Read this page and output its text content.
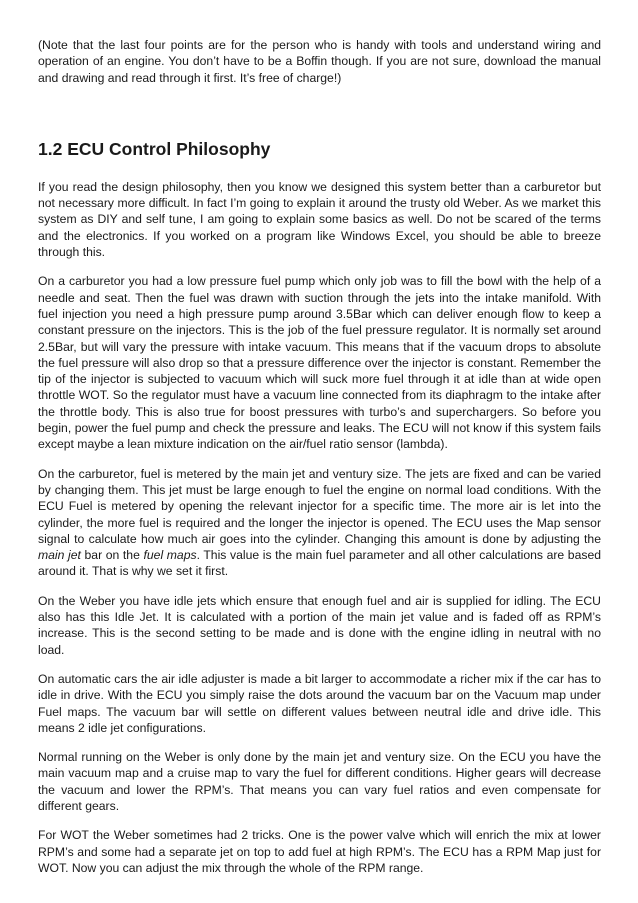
(Note that the last four points are for the person who is handy with tools and understand wiring and operation of an engine. You don’t have to be a Boffin though. If you are not sure, download the manual and drawing and read through it first. It’s free of charge!)

1.2 ECU Control Philosophy

If you read the design philosophy, then you know we designed this system better than a carburetor but not necessary more difficult. In fact I’m going to explain it around the trusty old Weber. As we market this system as DIY and self tune, I am going to explain some basics as well. Do not be scared of the terms and the electronics. If you worked on a program like Windows Excel, you should be able to breeze through this.

On a carburetor you had a low pressure fuel pump which only job was to fill the bowl with the help of a needle and seat. Then the fuel was drawn with suction through the jets into the intake manifold. With fuel injection you need a high pressure pump around 3.5Bar which can deliver enough flow to keep a constant pressure on the injectors. This is the job of the fuel pressure regulator. It is normally set around 2.5Bar, but will vary the pressure with intake vacuum. This means that if the vacuum drops to absolute the fuel pressure will also drop so that a pressure difference over the injector is constant. Remember the tip of the injector is subjected to vacuum which will suck more fuel through it at idle than at wide open throttle WOT. So the regulator must have a vacuum line connected from its diaphragm to the intake after the throttle body. This is also true for boost pressures with turbo’s and superchargers. So before you begin, power the fuel pump and check the pressure and leaks. The ECU will not know if this system fails except maybe a lean mixture indication on the air/fuel ratio sensor (lambda).

On the carburetor, fuel is metered by the main jet and ventury size. The jets are fixed and can be varied by changing them. This jet must be large enough to fuel the engine on normal load conditions. With the ECU Fuel is metered by opening the relevant injector for a specific time. The more air is let into the cylinder, the more fuel is required and the longer the injector is opened. The ECU uses the Map sensor signal to calculate how much air goes into the cylinder. Changing this amount is done by adjusting the main jet bar on the fuel maps. This value is the main fuel parameter and all other calculations are based around it. That is why we set it first.

On the Weber you have idle jets which ensure that enough fuel and air is supplied for idling. The ECU also has this Idle Jet. It is calculated with a portion of the main jet value and is faded off as RPM’s increase. This is the second setting to be made and is done with the engine idling in neutral with no load.

On automatic cars the air idle adjuster is made a bit larger to accommodate a richer mix if the car has to idle in drive. With the ECU you simply raise the dots around the vacuum bar on the Vacuum map under Fuel maps. The vacuum bar will settle on different values between neutral idle and drive idle. This means 2 idle jet configurations.

Normal running on the Weber is only done by the main jet and ventury size. On the ECU you have the main vacuum map and a cruise map to vary the fuel for different conditions. Higher gears will decrease the vacuum and lower the RPM’s. That means you can vary fuel ratios and even compensate for different gears.

For WOT the Weber sometimes had 2 tricks. One is the power valve which will enrich the mix at lower RPM’s and some had a separate jet on top to add fuel at high RPM’s. The ECU has a RPM Map just for WOT. Now you can adjust the mix through the whole of the RPM range.
